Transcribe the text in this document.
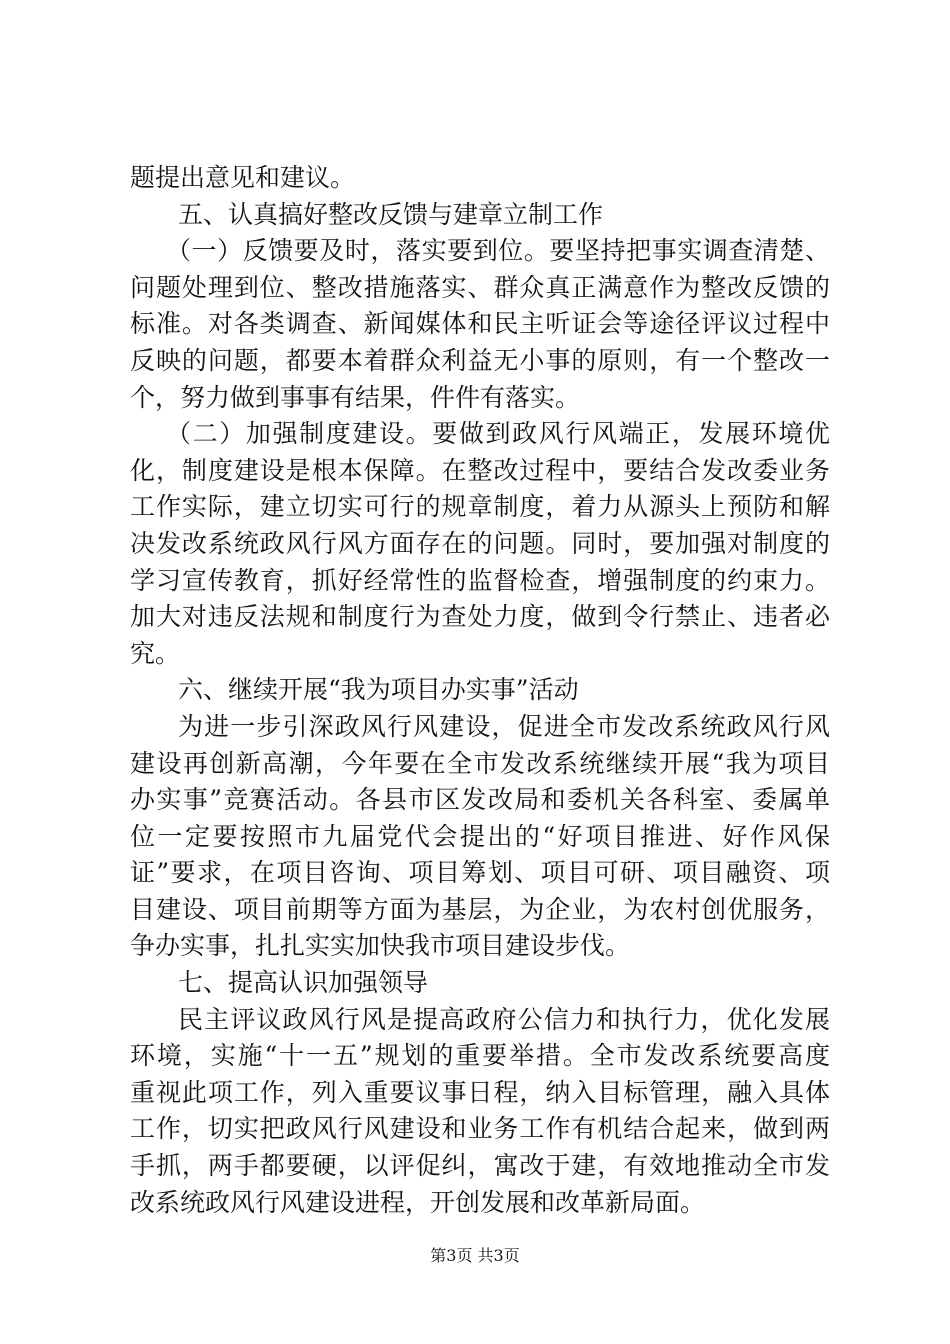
题提出意见和建议。
五、认真搞好整改反馈与建章立制工作
（一）反馈要及时，落实要到位。要坚持把事实调查清楚、
问题处理到位、整改措施落实、群众真正满意作为整改反馈的
标准。对各类调查、新闻媒体和民主听证会等途径评议过程中
反映的问题，都要本着群众利益无小事的原则，有一个整改一
个，努力做到事事有结果，件件有落实。
（二）加强制度建设。要做到政风行风端正，发展环境优
化，制度建设是根本保障。在整改过程中，要结合发改委业务
工作实际，建立切实可行的规章制度，着力从源头上预防和解
决发改系统政风行风方面存在的问题。同时，要加强对制度的
学习宣传教育，抓好经常性的监督检查，增强制度的约束力。
加大对违反法规和制度行为查处力度，做到令行禁止、违者必
究。
六、继续开展“我为项目办实事”活动
为进一步引深政风行风建设，促进全市发改系统政风行风
建设再创新高潮，今年要在全市发改系统继续开展“我为项目
办实事”竞赛活动。各县市区发改局和委机关各科室、委属单
位一定要按照市九届党代会提出的“好项目推进、好作风保
证”要求，在项目咨询、项目筹划、项目可研、项目融资、项
目建设、项目前期等方面为基层，为企业，为农村创优服务，
争办实事，扎扎实实加快我市项目建设步伐。
七、提高认识加强领导
民主评议政风行风是提高政府公信力和执行力，优化发展
环境，实施“十一五”规划的重要举措。全市发改系统要高度
重视此项工作，列入重要议事日程，纳入目标管理，融入具体
工作，切实把政风行风建设和业务工作有机结合起来，做到两
手抓，两手都要硬，以评促纠，寓改于建，有效地推动全市发
改系统政风行风建设进程，开创发展和改革新局面。
第3页 共3页
